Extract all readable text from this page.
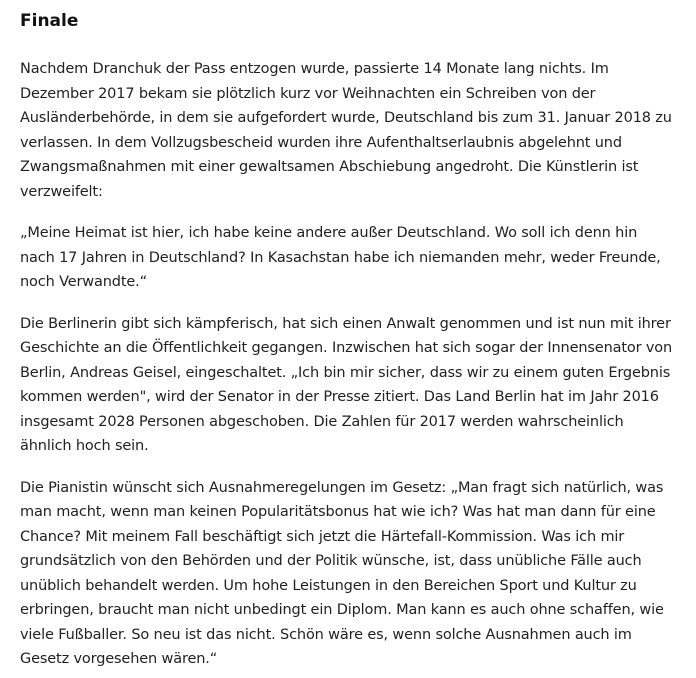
Finale

Nachdem Dranchuk der Pass entzogen wurde, passierte 14 Monate lang nichts. Im Dezember 2017 bekam sie plötzlich kurz vor Weihnachten ein Schreiben von der Ausländerbehörde, in dem sie aufgefordert wurde, Deutschland bis zum 31. Januar 2018 zu verlassen. In dem Vollzugsbescheid wurden ihre Aufenthaltserlaubnis abgelehnt und Zwangsmaßnahmen mit einer gewaltsamen Abschiebung angedroht. Die Künstlerin ist verzweifelt:

„Meine Heimat ist hier, ich habe keine andere außer Deutschland. Wo soll ich denn hin nach 17 Jahren in Deutschland? In Kasachstan habe ich niemanden mehr, weder Freunde, noch Verwandte.“

Die Berlinerin gibt sich kämpferisch, hat sich einen Anwalt genommen und ist nun mit ihrer Geschichte an die Öffentlichkeit gegangen. Inzwischen hat sich sogar der Innensenator von Berlin, Andreas Geisel, eingeschaltet. „Ich bin mir sicher, dass wir zu einem guten Ergebnis kommen werden", wird der Senator in der Presse zitiert. Das Land Berlin hat im Jahr 2016 insgesamt 2028 Personen abgeschoben. Die Zahlen für 2017 werden wahrscheinlich ähnlich hoch sein.

Die Pianistin wünscht sich Ausnahmeregelungen im Gesetz: „Man fragt sich natürlich, was man macht, wenn man keinen Popularitätsbonus hat wie ich? Was hat man dann für eine Chance? Mit meinem Fall beschäftigt sich jetzt die Härtefall-Kommission. Was ich mir grundsätzlich von den Behörden und der Politik wünsche, ist, dass unübliche Fälle auch unüblich behandelt werden. Um hohe Leistungen in den Bereichen Sport und Kultur zu erbringen, braucht man nicht unbedingt ein Diplom. Man kann es auch ohne schaffen, wie viele Fußballer. So neu ist das nicht. Schön wäre es, wenn solche Ausnahmen auch im Gesetz vorgesehen wären.“
